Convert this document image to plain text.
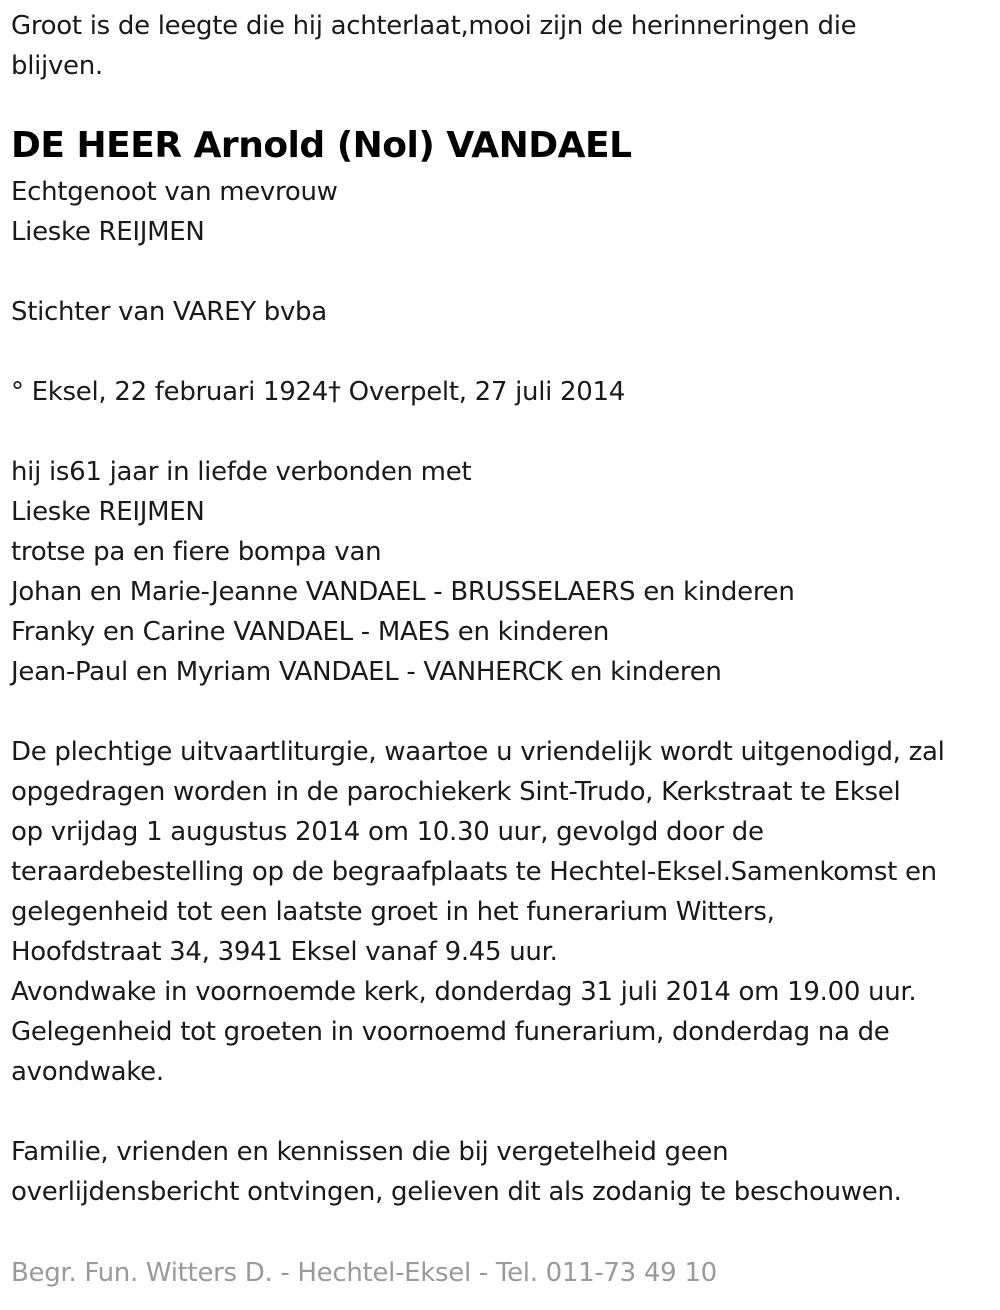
Groot is de leegte die hij achterlaat,mooi zijn de herinneringen die blijven.
DE HEER Arnold (Nol) VANDAEL
Echtgenoot van mevrouw
Lieske REIJMEN
Stichter van VAREY bvba
° Eksel, 22 februari 1924† Overpelt, 27 juli 2014
hij is61 jaar in liefde verbonden met
Lieske REIJMEN
trotse pa en fiere bompa van
Johan en Marie-Jeanne VANDAEL - BRUSSELAERS en kinderen
Franky en Carine VANDAEL - MAES en kinderen
Jean-Paul en Myriam VANDAEL - VANHERCK en kinderen
De plechtige uitvaartliturgie, waartoe u vriendelijk wordt uitgenodigd, zal
opgedragen worden in de parochiekerk Sint-Trudo, Kerkstraat te Eksel
op vrijdag 1 augustus 2014 om 10.30 uur, gevolgd door de
teraardebestelling op de begraafplaats te Hechtel-Eksel.Samenkomst en
gelegenheid tot een laatste groet in het funerarium Witters,
Hoofdstraat 34, 3941 Eksel vanaf 9.45 uur.
Avondwake in voornoemde kerk, donderdag 31 juli 2014 om 19.00 uur.
Gelegenheid tot groeten in voornoemd funerarium, donderdag na de
avondwake.
Familie, vrienden en kennissen die bij vergetelheid geen
overlijdensbericht ontvingen, gelieven dit als zodanig te beschouwen.
Begr. Fun. Witters D. - Hechtel-Eksel - Tel. 011-73 49 10
